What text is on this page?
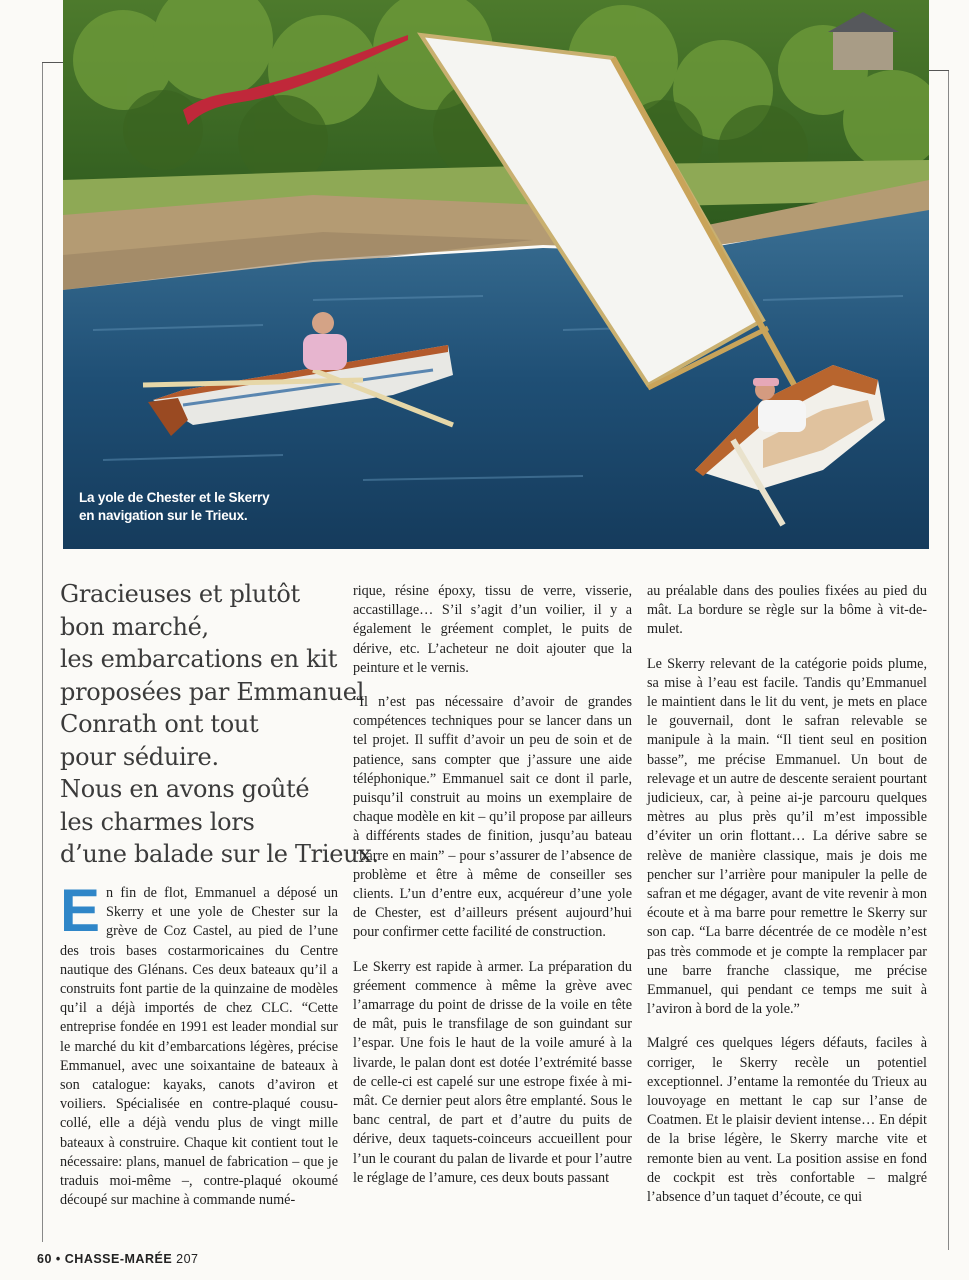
La yole de Chester et le Skerry
en navigation sur le Trieux.
Gracieuses et plutôt
bon marché,
les embarcations en kit
proposées par Emmanuel
Conrath ont tout
pour séduire.
Nous en avons goûté
les charmes lors
d’une balade sur le Trieux.

En fin de flot, Emmanuel a déposé un Skerry et une yole de Chester sur la grève de Coz Castel, au pied de l’une des trois bases costarmoricaines du Centre nautique des Glénans. Ces deux bateaux qu’il a construits font partie de la quinzaine de modèles qu’il a déjà importés de chez CLC. “Cette entreprise fondée en 1991 est leader mondial sur le marché du kit d’embarcations légères, précise Emmanuel, avec une soixantaine de bateaux à son catalogue: kayaks, canots d’aviron et voiliers. Spécialisée en contre-plaqué cousu-collé, elle a déjà vendu plus de vingt mille bateaux à construire. Chaque kit contient tout le nécessaire: plans, manuel de fabrication – que je traduis moi-même –, contre-plaqué okoumé découpé sur machine à commande numé-

rique, résine époxy, tissu de verre, visserie, accastillage… S’il s’agit d’un voilier, il y a également le gréement complet, le puits de dérive, etc. L’acheteur ne doit ajouter que la peinture et le vernis.

“Il n’est pas nécessaire d’avoir de grandes compétences techniques pour se lancer dans un tel projet. Il suffit d’avoir un peu de soin et de patience, sans compter que j’assure une aide téléphonique.” Emmanuel sait ce dont il parle, puisqu’il construit au moins un exemplaire de chaque modèle en kit – qu’il propose par ailleurs à différents stades de finition, jusqu’au bateau “barre en main” – pour s’assurer de l’absence de problème et être à même de conseiller ses clients. L’un d’entre eux, acquéreur d’une yole de Chester, est d’ailleurs présent aujourd’hui pour confirmer cette facilité de construction.

Le Skerry est rapide à armer. La préparation du gréement commence à même la grève avec l’amarrage du point de drisse de la voile en tête de mât, puis le transfilage de son guindant sur l’espar. Une fois le haut de la voile amuré à la livarde, le palan dont est dotée l’extrémité basse de celle-ci est capelé sur une estrope fixée à mi-mât. Ce dernier peut alors être emplanté. Sous le banc central, de part et d’autre du puits de dérive, deux taquets-coinceurs accueillent pour l’un le courant du palan de livarde et pour l’autre le réglage de l’amure, ces deux bouts passant

au préalable dans des poulies fixées au pied du mât. La bordure se règle sur la bôme à vit-de-mulet.

Le Skerry relevant de la catégorie poids plume, sa mise à l’eau est facile. Tandis qu’Emmanuel le maintient dans le lit du vent, je mets en place le gouvernail, dont le safran relevable se manipule à la main. “Il tient seul en position basse”, me précise Emmanuel. Un bout de relevage et un autre de descente seraient pourtant judicieux, car, à peine ai-je parcouru quelques mètres au plus près qu’il m’est impossible d’éviter un orin flottant… La dérive sabre se relève de manière classique, mais je dois me pencher sur l’arrière pour manipuler la pelle de safran et me dégager, avant de vite revenir à mon écoute et à ma barre pour remettre le Skerry sur son cap. “La barre décentrée de ce modèle n’est pas très commode et je compte la remplacer par une barre franche classique, me précise Emmanuel, qui pendant ce temps me suit à l’aviron à bord de la yole.”

Malgré ces quelques légers défauts, faciles à corriger, le Skerry recèle un potentiel exceptionnel. J’entame la remontée du Trieux au louvoyage en mettant le cap sur l’anse de Coatmen. Et le plaisir devient intense… En dépit de la brise légère, le Skerry marche vite et remonte bien au vent. La position assise en fond de cockpit est très confortable – malgré l’absence d’un taquet d’écoute, ce qui

60 • CHASSE-MARÉE 207
